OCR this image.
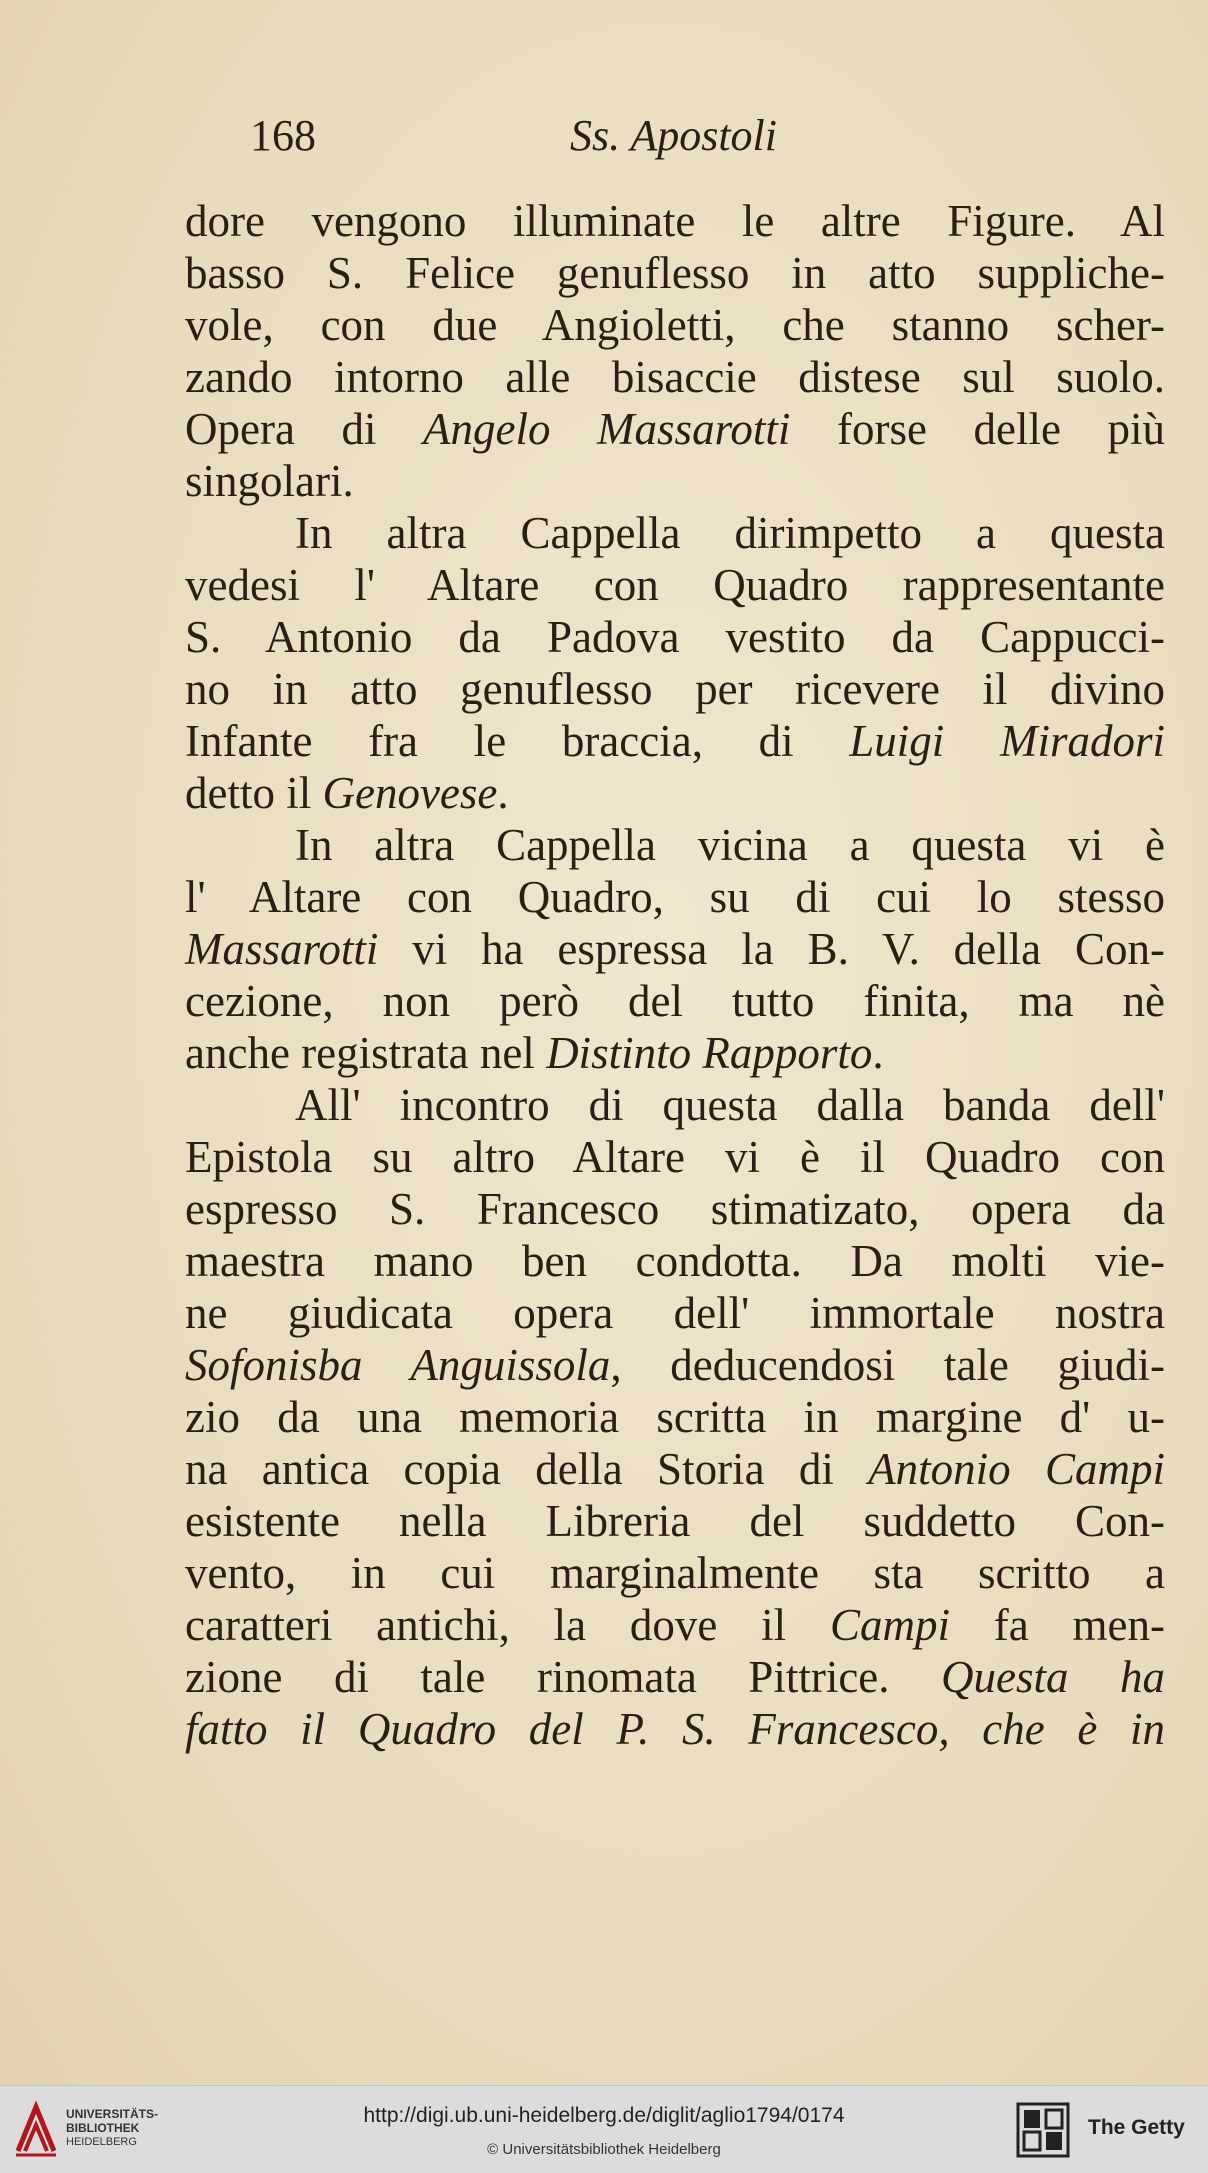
168	Ss. Apostoli
dore vengono illuminate le altre Figure. Al
basso S. Felice genuflesso in atto suppliche-
vole, con due Angioletti, che stanno scher-
zando intorno alle bisaccie distese sul suolo.
Opera di Angelo Massarotti forse delle più
singolari.
In altra Cappella dirimpetto a questa
vedesi l' Altare con Quadro rappresentante
S. Antonio da Padova vestito da Cappucci-
no in atto genuflesso per ricevere il divino
Infante fra le braccia, di Luigi Miradori
detto il Genovese.
In altra Cappella vicina a questa vi è
l' Altare con Quadro, su di cui lo stesso
Massarotti vi ha espressa la B. V. della Con-
cezione, non però del tutto finita, ma nè
anche registrata nel Distinto Rapporto.
All' incontro di questa dalla banda dell'
Epistola su altro Altare vi è il Quadro con
espresso S. Francesco stimatizato, opera da
maestra mano ben condotta. Da molti vie-
ne giudicata opera dell' immortale nostra
Sofonisba Anguissola, deducendosi tale giudi-
zio da una memoria scritta in margine d' u-
na antica copia della Storia di Antonio Campi
esistente nella Libreria del suddetto Con-
vento, in cui marginalmente sta scritto a
caratteri antichi, la dove il Campi fa men-
zione di tale rinomata Pittrice. Questa ha
fatto il Quadro del P. S. Francesco, che è in
UNIVERSITÄTS-
BIBLIOTHEK
HEIDELBERG
http://digi.ub.uni-heidelberg.de/diglit/aglio1794/0174
© Universitätsbibliothek Heidelberg
The Getty
